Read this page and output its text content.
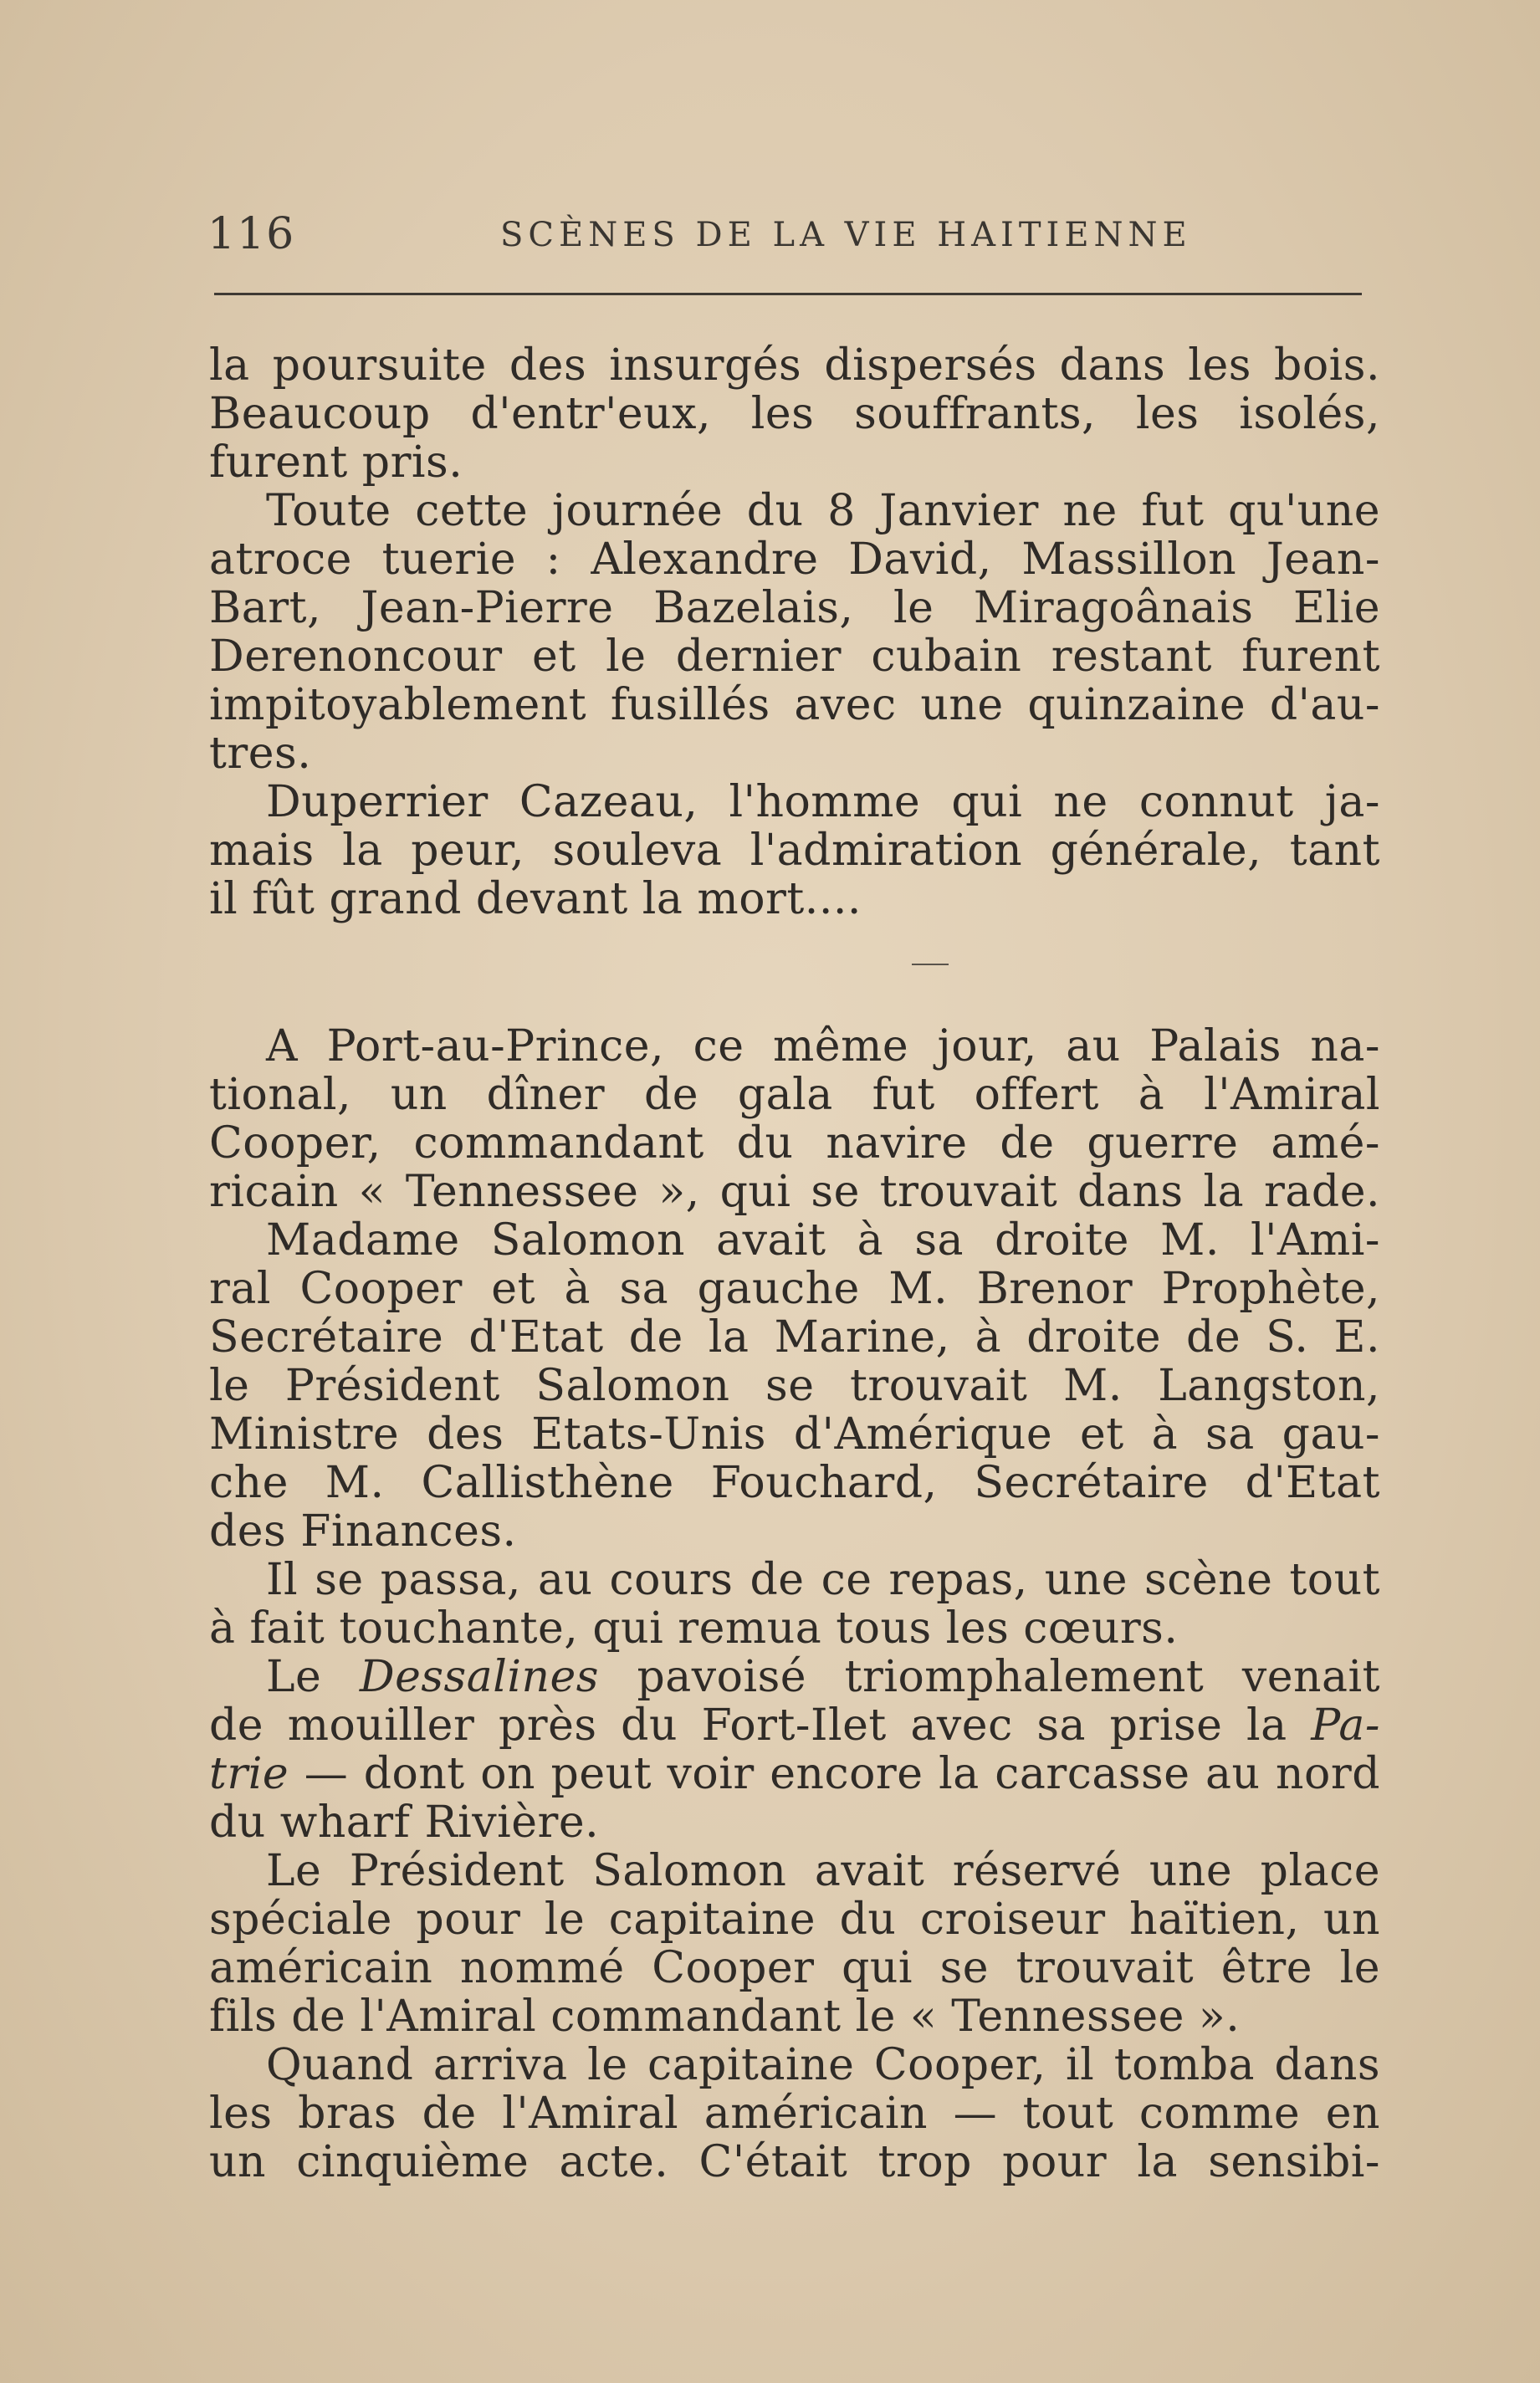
116	SCÈNES DE LA VIE HAITIENNE
la poursuite des insurgés dispersés dans les bois.
Beaucoup d'entr'eux, les souffrants, les isolés,
furent pris.
Toute cette journée du 8 Janvier ne fut qu'une
atroce tuerie : Alexandre David, Massillon Jean-
Bart, Jean-Pierre Bazelais, le Miragoânais Elie
Derenoncour et le dernier cubain restant furent
impitoyablement fusillés avec une quinzaine d'au-
tres.
Duperrier Cazeau, l'homme qui ne connut ja-
mais la peur, souleva l'admiration générale, tant
il fût grand devant la mort....
A Port-au-Prince, ce même jour, au Palais na-
tional, un dîner de gala fut offert à l'Amiral
Cooper, commandant du navire de guerre amé-
ricain « Tennessee », qui se trouvait dans la rade.
Madame Salomon avait à sa droite M. l'Ami-
ral Cooper et à sa gauche M. Brenor Prophète,
Secrétaire d'Etat de la Marine, à droite de S. E.
le Président Salomon se trouvait M. Langston,
Ministre des Etats-Unis d'Amérique et à sa gau-
che M. Callisthène Fouchard, Secrétaire d'Etat
des Finances.
Il se passa, au cours de ce repas, une scène tout
à fait touchante, qui remua tous les cœurs.
Le Dessalines pavoisé triomphalement venait
de mouiller près du Fort-Ilet avec sa prise la Pa-
trie — dont on peut voir encore la carcasse au nord
du wharf Rivière.
Le Président Salomon avait réservé une place
spéciale pour le capitaine du croiseur haïtien, un
américain nommé Cooper qui se trouvait être le
fils de l'Amiral commandant le « Tennessee ».
Quand arriva le capitaine Cooper, il tomba dans
les bras de l'Amiral américain — tout comme en
un cinquième acte. C'était trop pour la sensibi-
